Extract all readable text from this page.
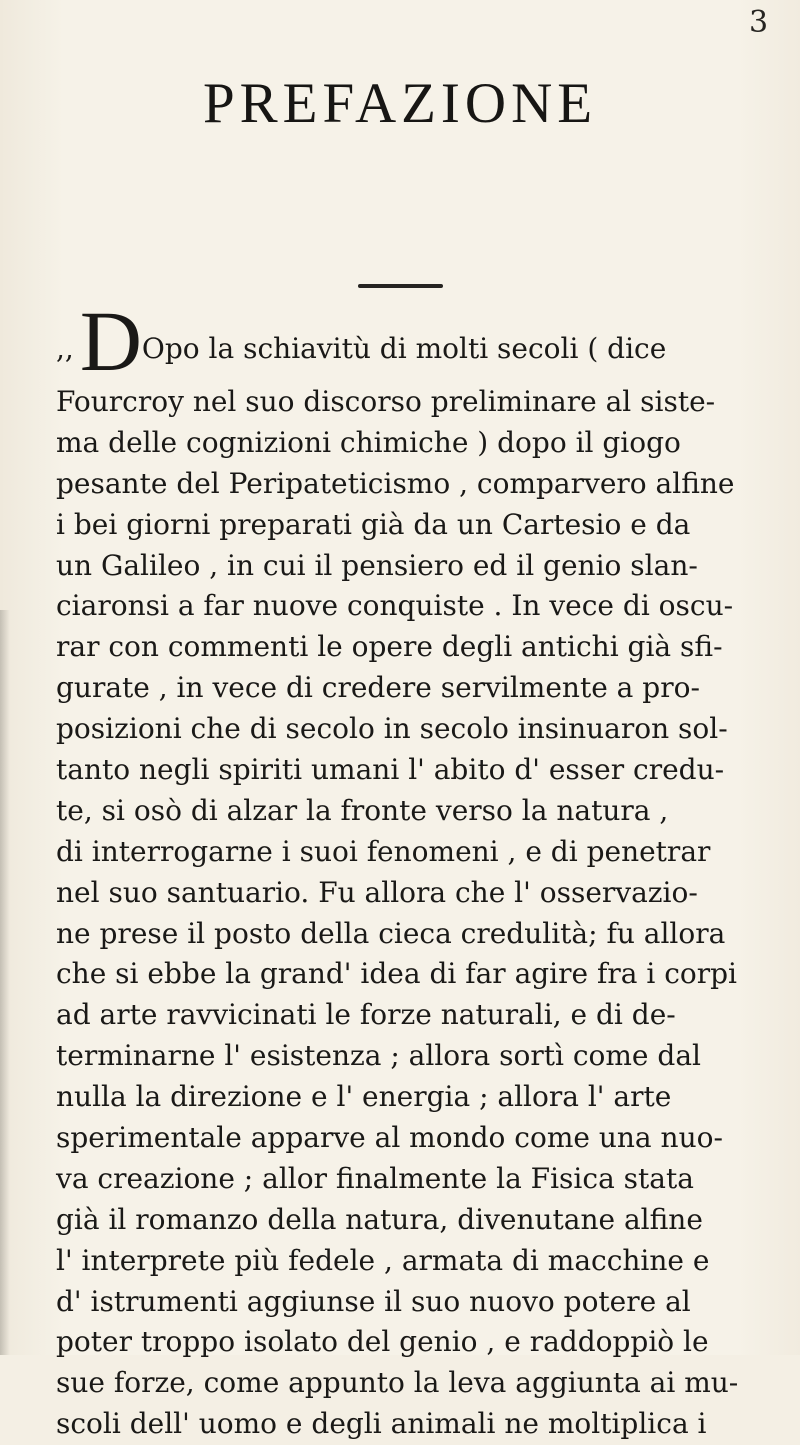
3
PREFAZIONE
,,DOpo la schiavitù di molti secoli ( dice
Fourcroy nel suo discorso preliminare al siste-
ma delle cognizioni chimiche ) dopo il giogo
pesante del Peripateticismo , comparvero alfine
i bei giorni preparati già da un Cartesio e da
un Galileo , in cui il pensiero ed il genio slan-
ciaronsi a far nuove conquiste . In vece di oscu-
rar con commenti le opere degli antichi già sfi-
gurate , in vece di credere servilmente a pro-
posizioni che di secolo in secolo insinuaron sol-
tanto negli spiriti umani l' abito d' esser credu-
te, si osò di alzar la fronte verso la natura ,
di interrogarne i suoi fenomeni , e di penetrar
nel suo santuario. Fu allora che l' osservazio-
ne prese il posto della cieca credulità; fu allora
che si ebbe la grand' idea di far agire fra i corpi
ad arte ravvicinati le forze naturali, e di de-
terminarne l' esistenza ; allora sortì come dal
nulla la direzione e l' energia ; allora l' arte
sperimentale apparve al mondo come una nuo-
va creazione ; allor finalmente la Fisica stata
già il romanzo della natura, divenutane alfine
l' interprete più fedele , armata di macchine e
d' istrumenti aggiunse il suo nuovo potere al
poter troppo isolato del genio , e raddoppiò le
sue forze, come appunto la leva aggiunta ai mu-
scoli dell' uomo e degli animali ne moltiplica i
